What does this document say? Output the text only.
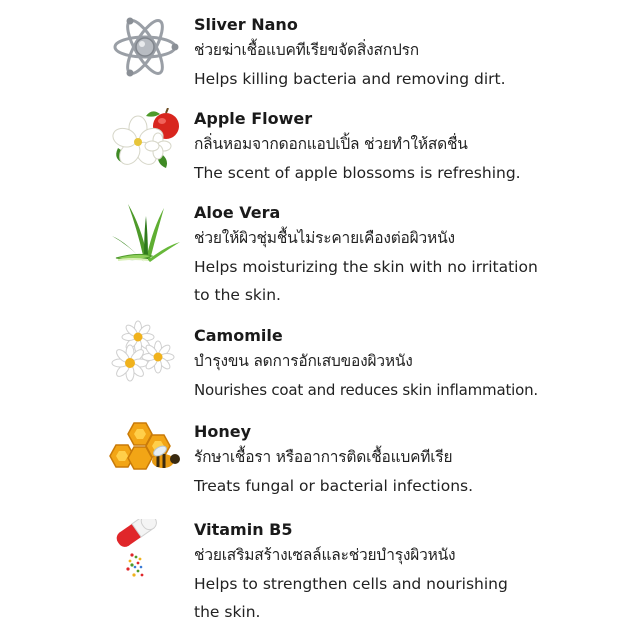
Sliver Nano
ช่วยฆ่าเชื้อแบคทีเรียขจัดสิ่งสกปรก
Helps killing bacteria and removing dirt.
Apple Flower
กลิ่นหอมจากดอกแอปเปิ้ล ช่วยทำให้สดชื่น
The scent of apple blossoms is refreshing.
Aloe Vera
ช่วยให้ผิวชุ่มชื้นไม่ระคายเคืองต่อผิวหนัง
Helps moisturizing the skin with no irritation
to the skin.
Camomile
บำรุงขน ลดการอักเสบของผิวหนัง
Nourishes coat and reduces skin inflammation.
Honey
รักษาเชื้อรา หรืออาการติดเชื้อแบคทีเรีย
Treats fungal or bacterial infections.
Vitamin B5
ช่วยเสริมสร้างเซลล์และช่วยบำรุงผิวหนัง
Helps to strengthen cells and nourishing
the skin.
